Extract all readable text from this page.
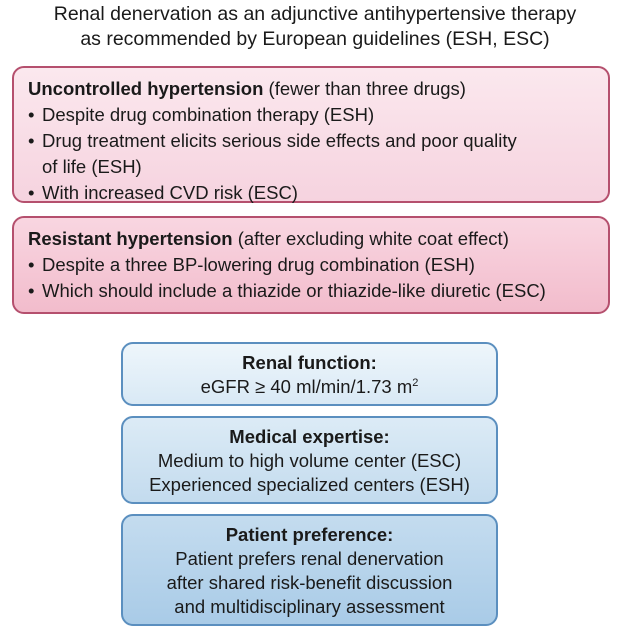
Renal denervation as an adjunctive antihypertensive therapy
as recommended by European guidelines (ESH, ESC)
Uncontrolled hypertension (fewer than three drugs)
• Despite drug combination therapy (ESH)
• Drug treatment elicits serious side effects and poor quality
of life (ESH)
• With increased CVD risk (ESC)
Resistant hypertension (after excluding white coat effect)
• Despite a three BP-lowering drug combination (ESH)
• Which should include a thiazide or thiazide-like diuretic (ESC)
Renal function:
eGFR ≥ 40 ml/min/1.73 $m^2$
Medical expertise:
Medium to high volume center (ESC)
Experienced specialized centers (ESH)
Patient preference:
Patient prefers renal denervation
after shared risk-benefit discussion
and multidisciplinary assessment
